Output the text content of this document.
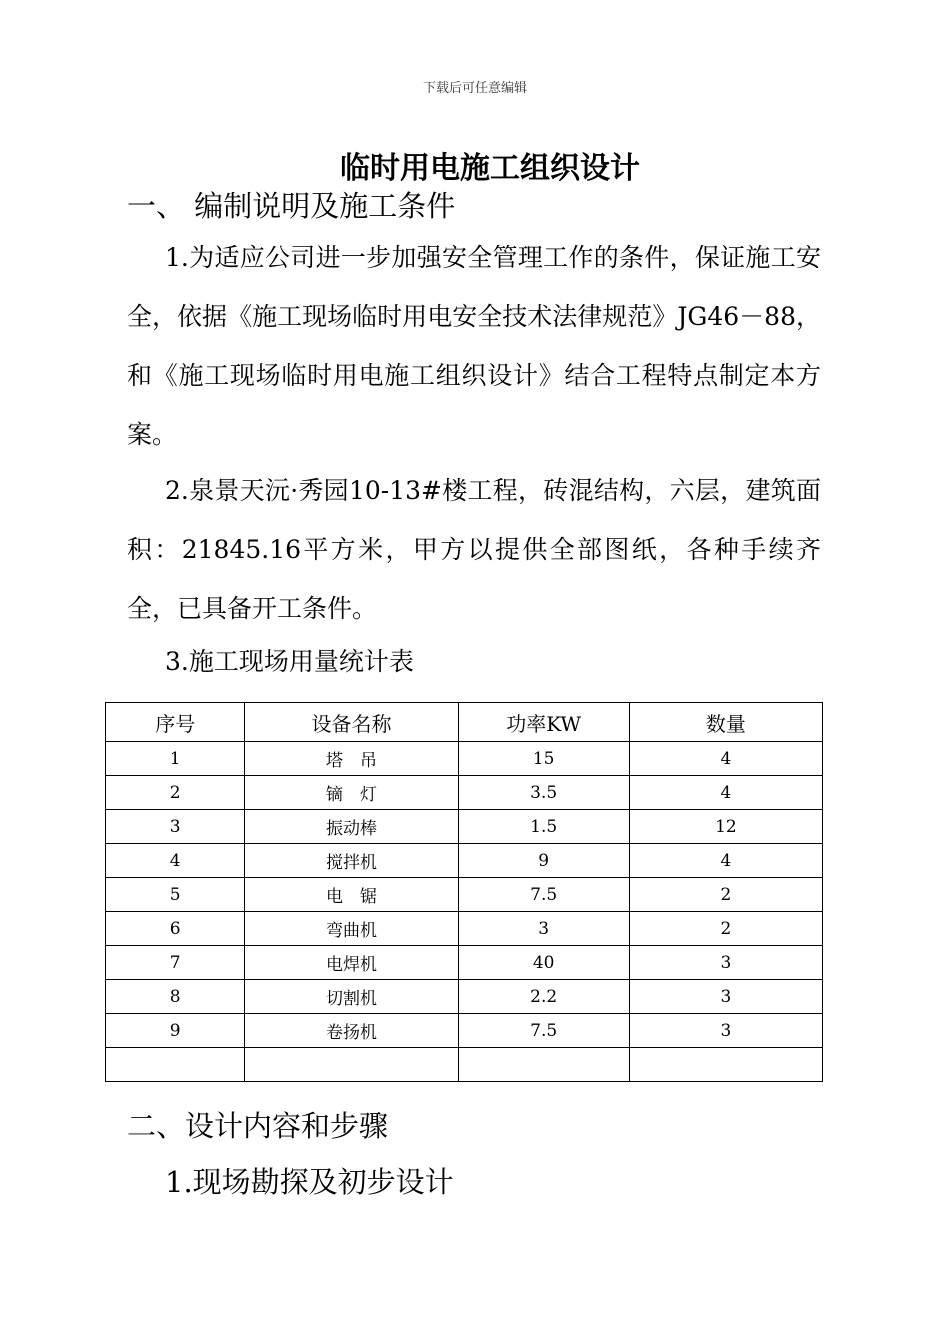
下载后可任意编辑
临时用电施工组织设计
一、 编制说明及施工条件
1.为适应公司进一步加强安全管理工作的条件，保证施工安全，依据《施工现场临时用电安全技术法律规范》JG46－88，和《施工现场临时用电施工组织设计》结合工程特点制定本方案。
2.泉景天沅·秀园10-13#楼工程，砖混结构，六层，建筑面积：21845.16平方米，甲方以提供全部图纸，各种手续齐全，已具备开工条件。
3.施工现场用量统计表
序号	设备名称	功率KW	数量
1	塔　吊	15	4
2	镝　灯	3.5	4
3	振动棒	1.5	12
4	搅拌机	9	4
5	电　锯	7.5	2
6	弯曲机	3	2
7	电焊机	40	3
8	切割机	2.2	3
9	卷扬机	7.5	3

二、设计内容和步骤
1.现场勘探及初步设计
